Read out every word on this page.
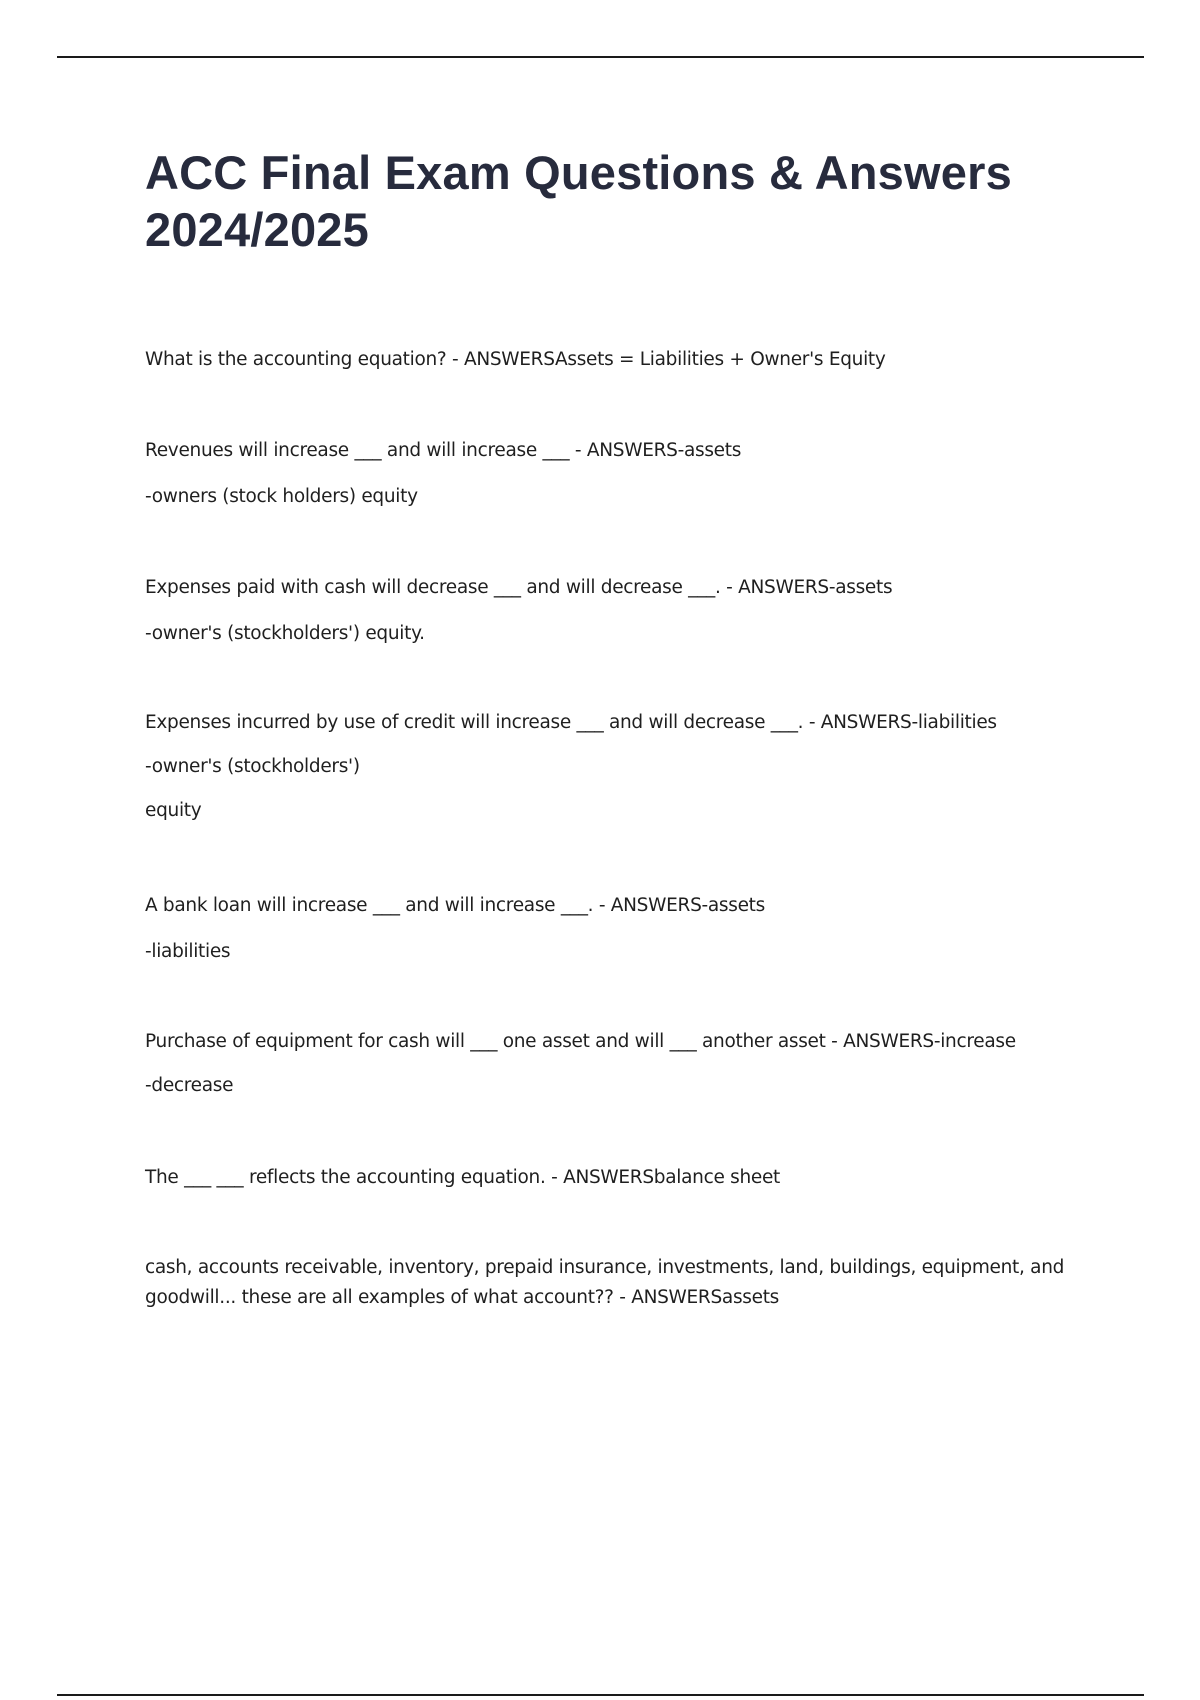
ACC Final Exam Questions & Answers 2024/2025

What is the accounting equation? - ANSWERSAssets = Liabilities + Owner's Equity

Revenues will increase ___ and will increase ___ - ANSWERS-assets

-owners (stock holders) equity

Expenses paid with cash will decrease ___ and will decrease ___. - ANSWERS-assets

-owner's (stockholders') equity.

Expenses incurred by use of credit will increase ___ and will decrease ___. - ANSWERS-liabilities

-owner's (stockholders')

equity

A bank loan will increase ___ and will increase ___. - ANSWERS-assets

-liabilities

Purchase of equipment for cash will ___ one asset and will ___ another asset - ANSWERS-increase

-decrease

The ___ ___ reflects the accounting equation. - ANSWERSbalance sheet

cash, accounts receivable, inventory, prepaid insurance, investments, land, buildings, equipment, and goodwill... these are all examples of what account?? - ANSWERSassets
